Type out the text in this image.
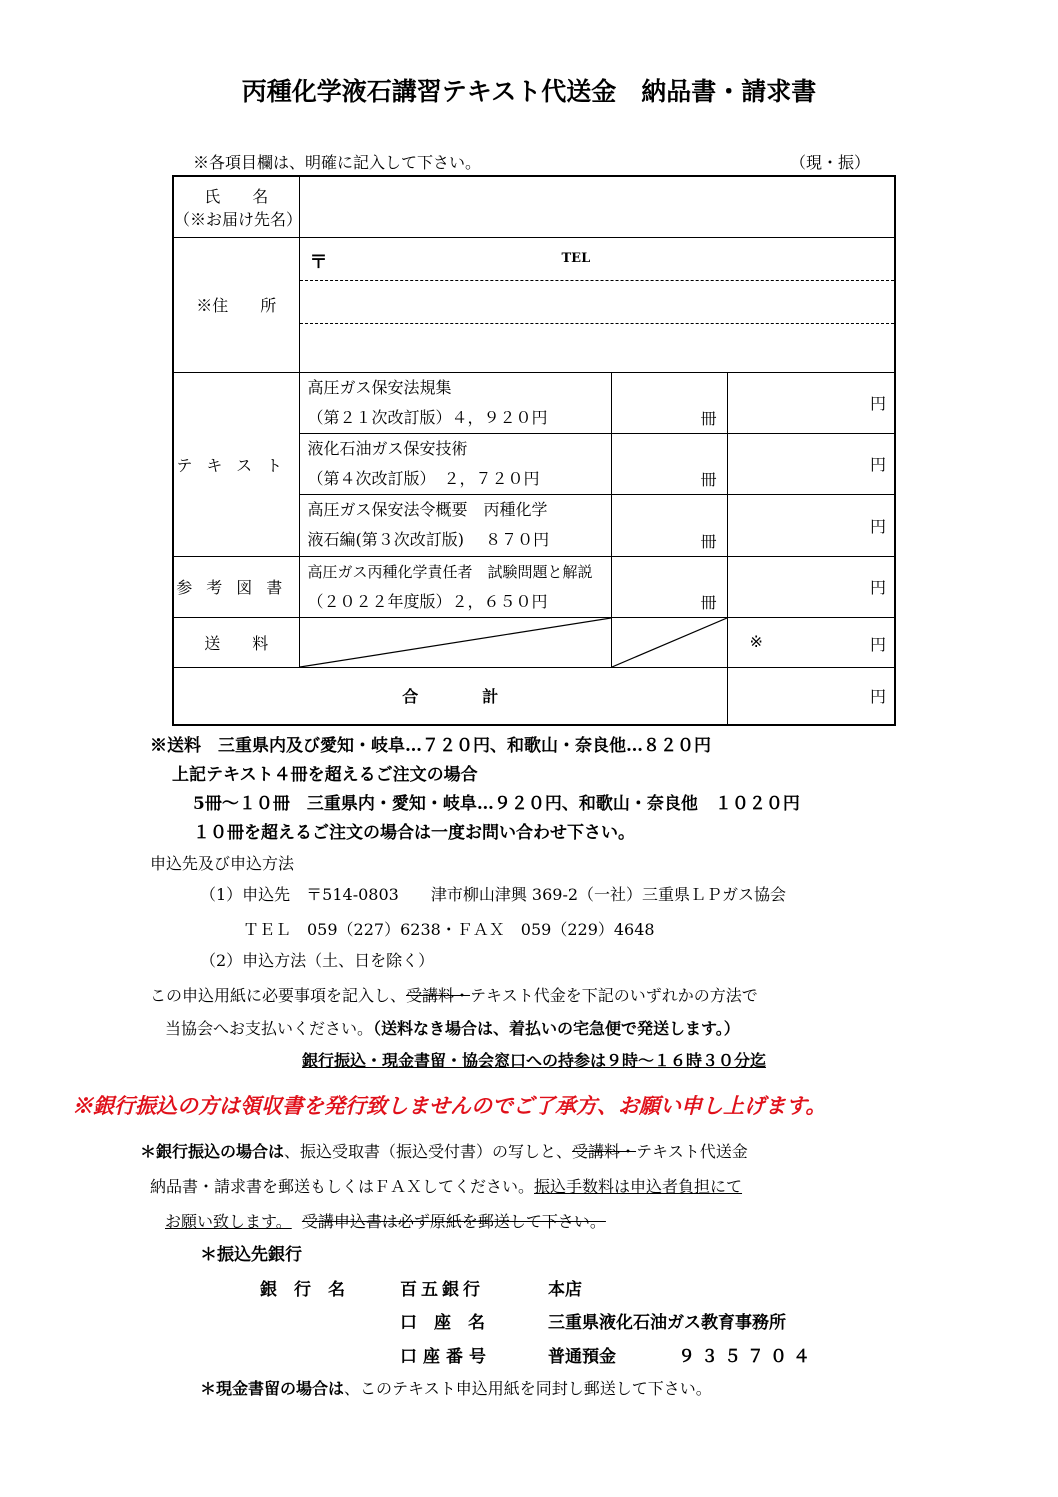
丙種化学液石講習テキスト代送金　納品書・請求書
※各項目欄は、明確に記入して下さい。	（現・振）
氏　　名
（※お届け先名）			

※住　　所	〒 TEL		

テキスト	高圧ガス保安法規集
（第２１次改訂版）４，９２０円	冊	円

	液化石油ガス保安技術
（第４次改訂版）　２，７２０円	冊	円

	高圧ガス保安法令概要　丙種化学
液石編(第３次改訂版)　 ８７０円	冊	円
参考図書	高圧ガス丙種化学責任者　試験問題と解説
（２０２２年度版）２，６５０円	冊	円
送　　料			※ 円

合　　　　計			円
※送料　三重県内及び愛知・岐阜…７２０円、和歌山・奈良他…８２０円
上記テキスト４冊を超えるご注文の場合
5冊～１０冊　三重県内・愛知・岐阜…９２０円、和歌山・奈良他　１０２０円
１０冊を超えるご注文の場合は一度お問い合わせ下さい。
申込先及び申込方法
（1）申込先　〒514-0803　　津市柳山津興 369-2（一社）三重県ＬＰガス協会
ＴＥＬ　059（227）6238・ＦＡＸ　059（229）4648
（2）申込方法（土、日を除く）
この申込用紙に必要事項を記入し、受講料・テキスト代金を下記のいずれかの方法で
当協会へお支払いください。（送料なき場合は、着払いの宅急便で発送します。）
銀行振込・現金書留・協会窓口への持参は９時～１６時３０分迄
※銀行振込の方は領収書を発行致しませんのでご了承方、お願い申し上げます。
＊銀行振込の場合は、振込受取書（振込受付書）の写しと、受講料・テキスト代送金
納品書・請求書を郵送もしくはＦＡＸしてください。振込手数料は申込者負担にて
お願い致します。 受講申込書は必ず原紙を郵送して下さい。
＊振込先銀行
銀　行　名	百五銀行	本店
口　座　名	三重県液化石油ガス教育事務所
口座番号	普通預金	９３５７０４
＊現金書留の場合は、このテキスト申込用紙を同封し郵送して下さい。
